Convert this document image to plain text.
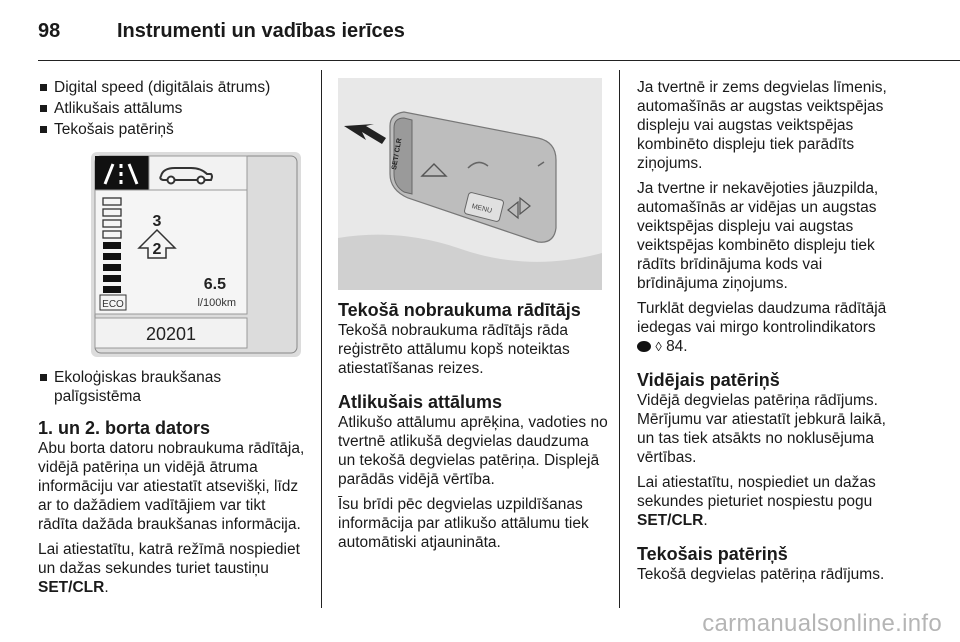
98	Instrumenti un vadības ierīces
Digital speed (digitālais ātrums)
Atlikušais attālums
Tekošais patēriņš
ECO
3
2
6.5
l/100km
20201
Ekoloģiskas braukšanas palīgsistēma
1. un 2. borta dators

Abu borta datoru nobraukuma rādītāja, vidējā patēriņa un vidējā ātruma informāciju var atiestatīt atsevišķi, līdz ar to dažādiem vadītājiem var tikt rādīta dažāda braukšanas informācija.

Lai atiestatītu, katrā režīmā nospiediet un dažas sekundes turiet taustiņu SET/CLR.

SET/ CLR
MENU
Tekošā nobraukuma rādītājs

Tekošā nobraukuma rādītājs rāda reģistrēto attālumu kopš noteiktas atiestatīšanas reizes.

Atlikušais attālums

Atlikušo attālumu aprēķina, vadoties no tvertnē atlikušā degvielas daudzuma un tekošā degvielas patēriņa. Displejā parādās vidējā vērtība.

Īsu brīdi pēc degvielas uzpildīšanas informācija par atlikušo attālumu tiek automātiski atjaunināta.

Ja tvertnē ir zems degvielas līmenis, automašīnās ar augstas veiktspējas displeju vai augstas veiktspējas kombinēto displeju tiek parādīts ziņojums.

Ja tvertne ir nekavējoties jāuzpilda, automašīnās ar vidējas un augstas veiktspējas displeju vai augstas veiktspējas kombinēto displeju tiek rādīts brīdinājuma kods vai brīdinājuma ziņojums.

Turklāt degvielas daudzuma rādītājā iedegas vai mirgo kontrolindikators
◊ 84.

Vidējais patēriņš

Vidējā degvielas patēriņa rādījums. Mērījumu var atiestatīt jebkurā laikā, un tas tiek atsākts no noklusējuma vērtības.

Lai atiestatītu, nospiediet un dažas sekundes pieturiet nospiestu pogu SET/CLR.

Tekošais patēriņš

Tekošā degvielas patēriņa rādījums.

carmanualsonline.info
